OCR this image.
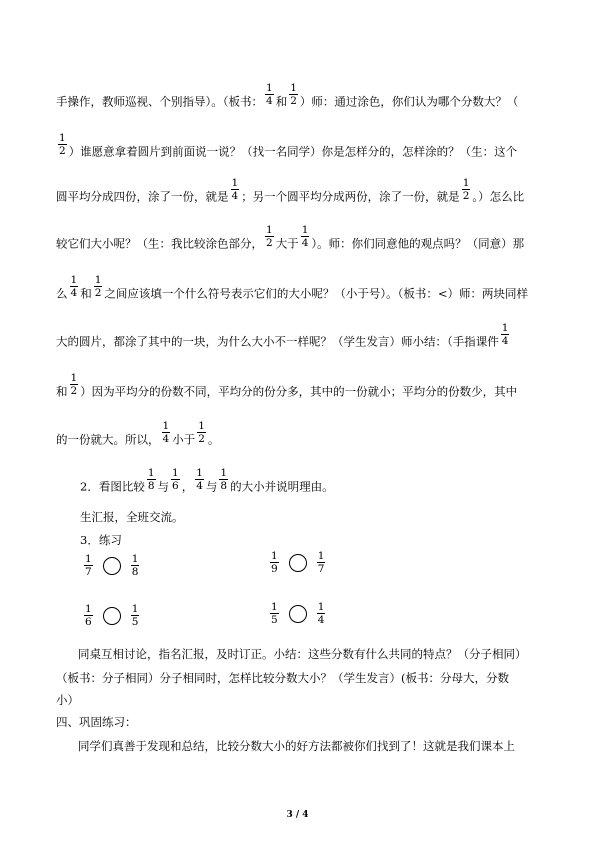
手操作，教师巡视、个别指导）。（板书： $\frac{1}{4}$ 和 $\frac{1}{2}$ ）师：通过涂色，你们认为哪个分数大？（
$\frac{1}{2}$ ）谁愿意拿着圆片到前面说一说？（找一名同学）你是怎样分的，怎样涂的？（生：这个
圆平均分成四份，涂了一份，就是 $\frac{1}{4}$ ；另一个圆平均分成两份，涂了一份，就是 $\frac{1}{2}$ 。）怎么比
较它们大小呢？（生：我比较涂色部分， $\frac{1}{2}$ 大于 $\frac{1}{4}$ ）。师：你们同意他的观点吗？（同意）那
么 $\frac{1}{4}$ 和 $\frac{1}{2}$ 之间应该填一个什么符号表示它们的大小呢？（小于号）。（板书：<）师：两块同样
大的圆片，都涂了其中的一块，为什么大小不一样呢？（学生发言）师小结：（手指课件 $\frac{1}{4}$
和 $\frac{1}{2}$ ）因为平均分的份数不同，平均分的份分多，其中的一份就小；平均分的份数少，其中
的一份就大。所以， $\frac{1}{4}$ 小于 $\frac{1}{2}$ 。
2．看图比较 $\frac{1}{8}$ 与 $\frac{1}{6}$ ， $\frac{1}{4}$ 与 $\frac{1}{8}$ 的大小并说明理由。
生汇报，全班交流。
3．练习
$\frac{1}{7}$	$\frac{1}{8}$	$\frac{1}{9}$	$\frac{1}{7}$
$\frac{1}{6}$	$\frac{1}{5}$	$\frac{1}{5}$	$\frac{1}{4}$
同桌互相讨论，指名汇报，及时订正。小结：这些分数有什么共同的特点？（分子相同）
（板书：分子相同）分子相同时，怎样比较分数大小？（学生发言）(板书：分母大，分数
小）
四、巩固练习：
同学们真善于发现和总结，比较分数大小的好方法都被你们找到了！这就是我们课本上
3 / 4
